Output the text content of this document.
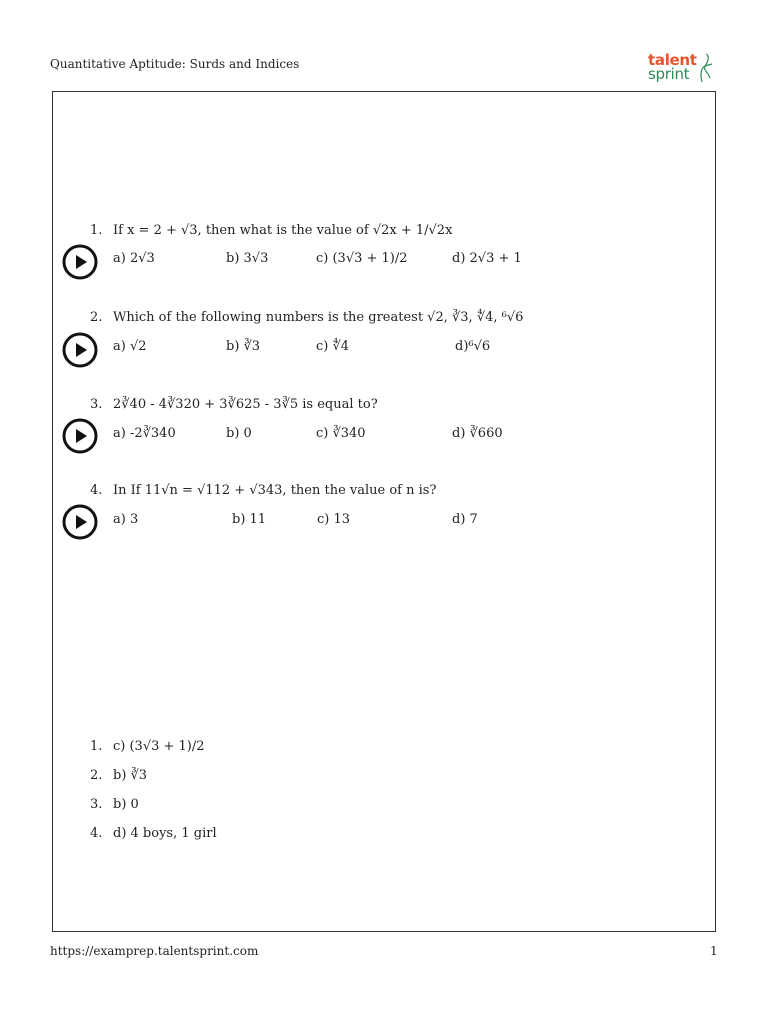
Quantitative Aptitude: Surds and Indices	talent
sprint
1. If x = 2 + √3, then what is the value of √2x + 1/√2x
a) 2√3	b) 3√3	c) (3√3 + 1)/2	d) 2√3 + 1
2. Which of the following numbers is the greatest √2, ∛3, ∜4, ⁶√6
a) √2	b) ∛3	c) ∜4	d)⁶√6
3. 2∛40 - 4∛320 + 3∛625 - 3∛5 is equal to?
a) -2∛340	b) 0	c) ∛340	d) ∛660
4. In If 11√n = √112 + √343, then the value of n is?
a) 3	b) 11	c) 13	d) 7
1. c) (3√3 + 1)/2
2. b) ∛3
3. b) 0
4. d) 4 boys, 1 girl
https://examprep.talentsprint.com	1
